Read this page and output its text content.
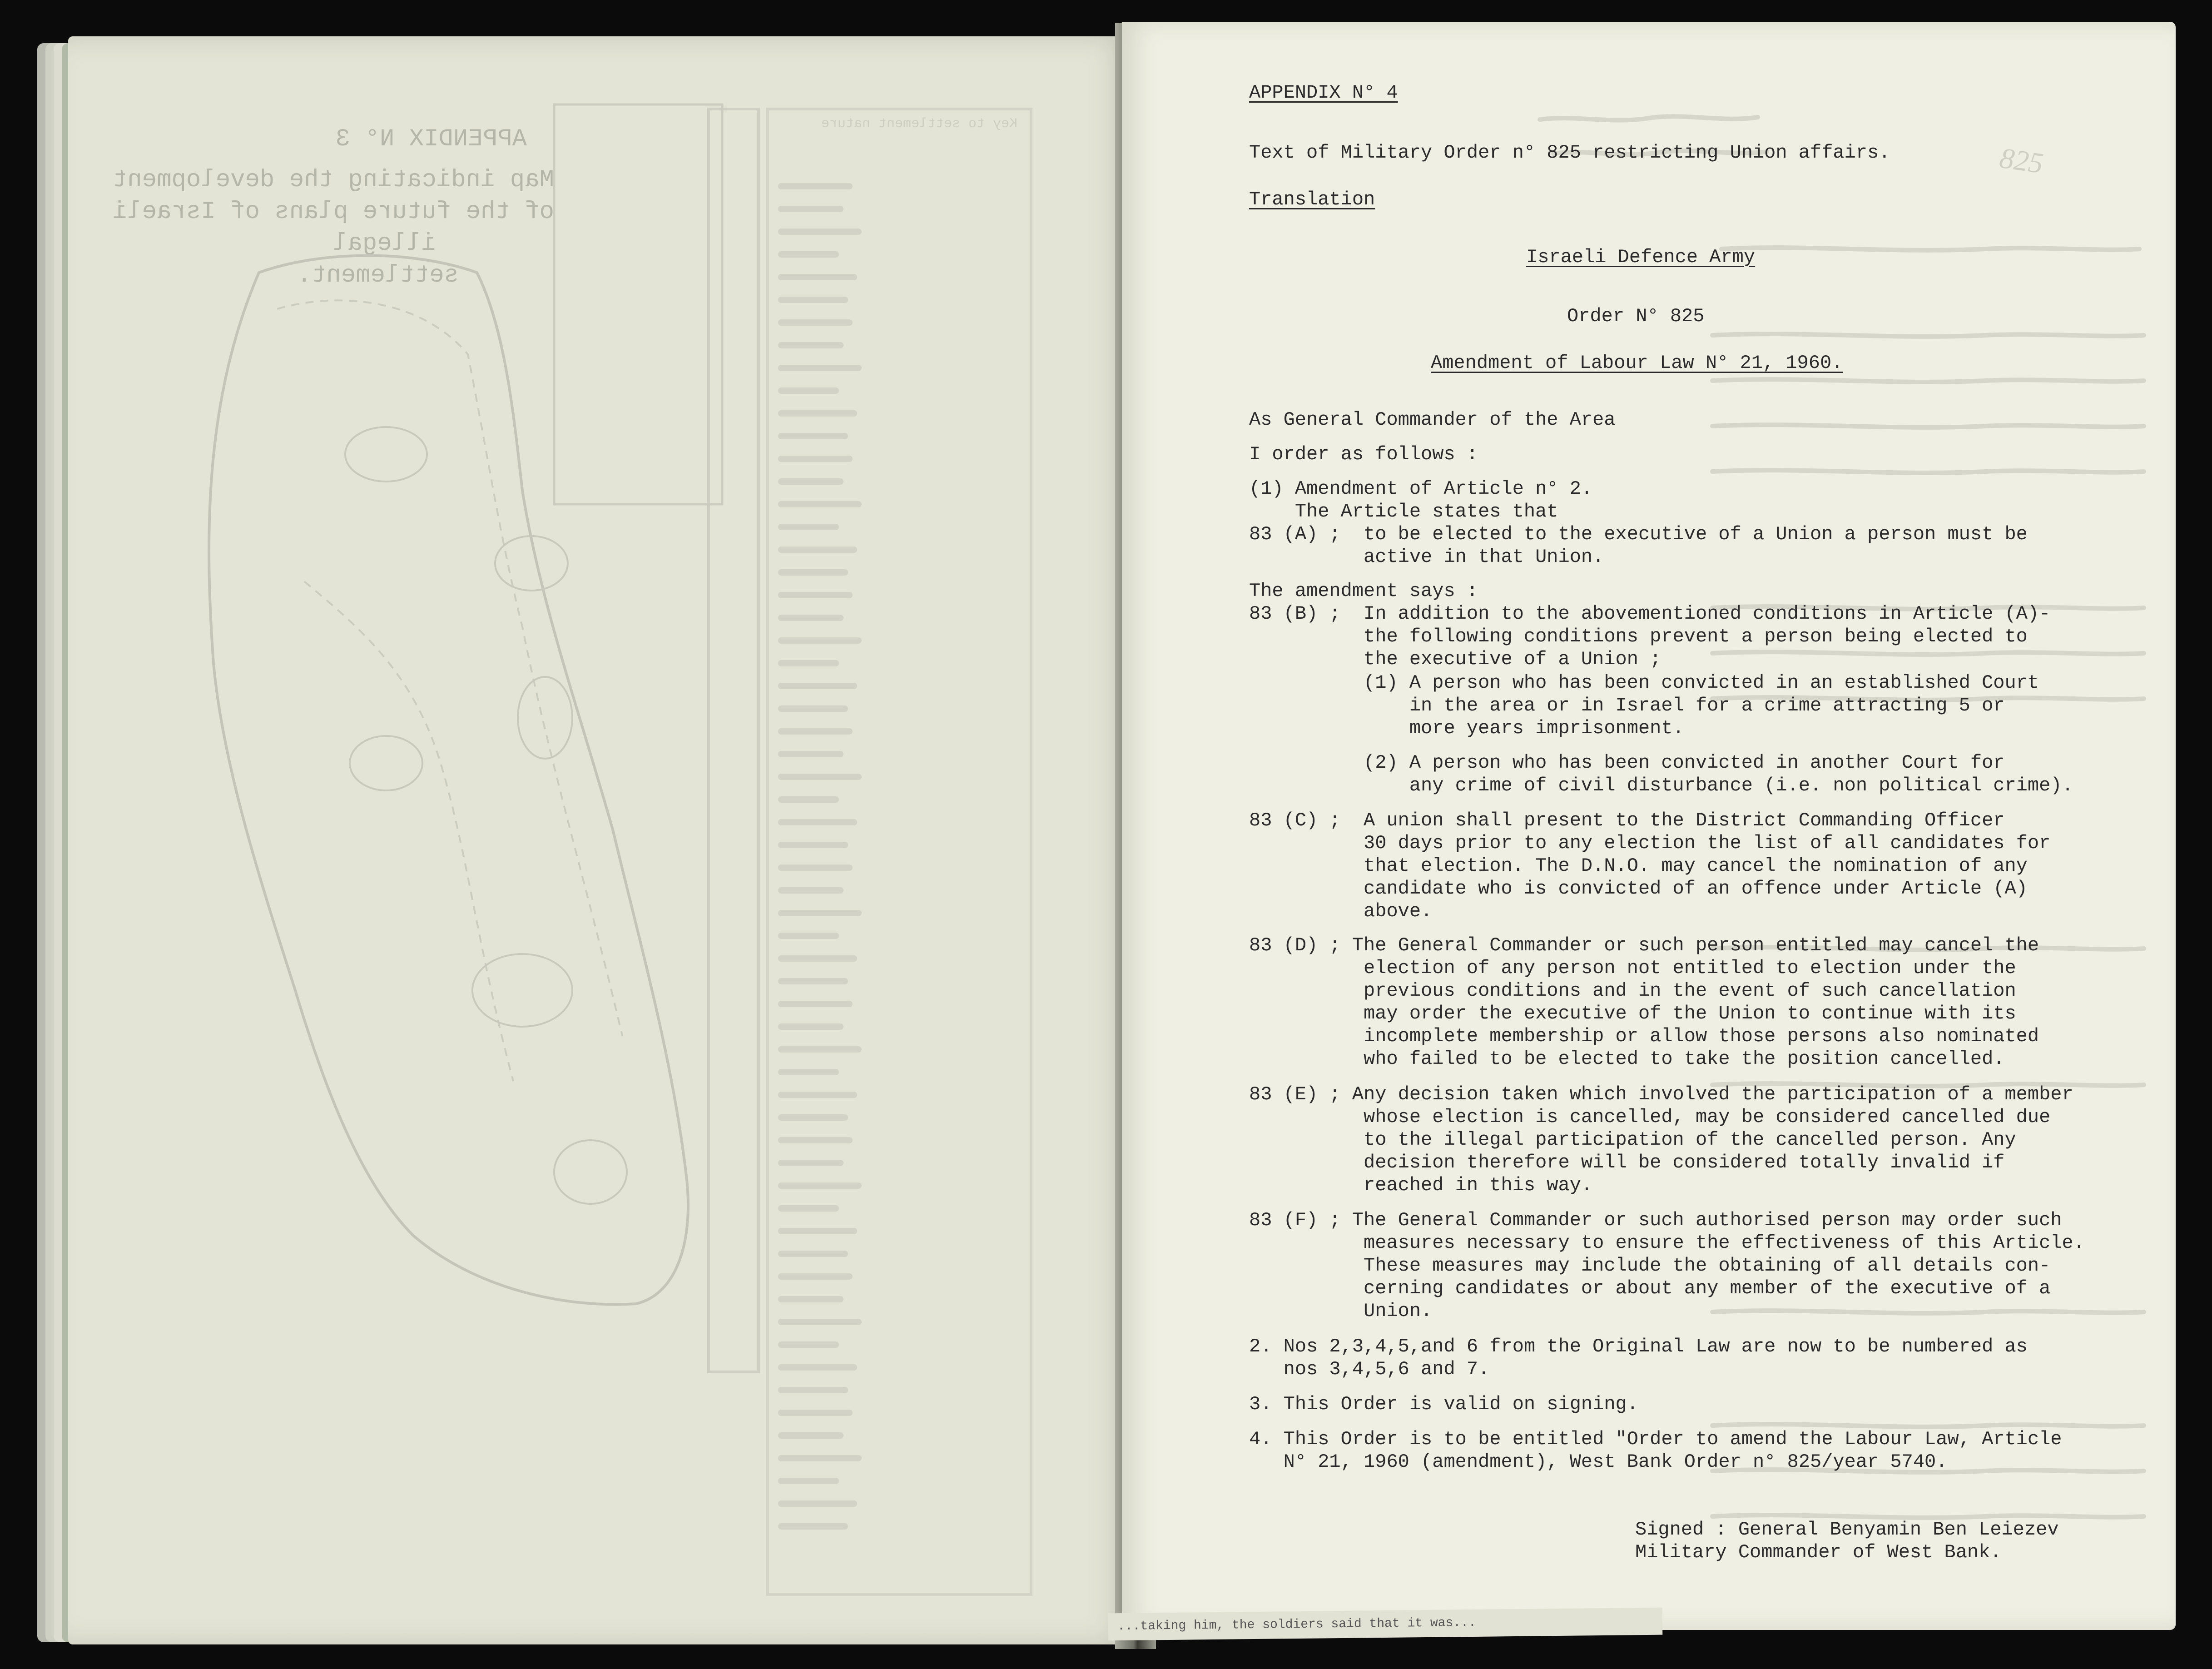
APPENDIX N° 3
Map indicating the development
of the future plans of Israeli
illegal
settlement.
Key to settlement nature
825
APPENDIX N° 4
Text of Military Order n° 825 restricting Union affairs.
Translation
Israeli Defence Army
Order N° 825
Amendment of Labour Law N° 21, 1960.
As General Commander of the Area
I order as follows :
(1) Amendment of Article n° 2.
The Article states that
83 (A) ;  to be elected to the executive of a Union a person must be
active in that Union.
The amendment says :
83 (B) ;  In addition to the abovementioned conditions in Article (A)-
the following conditions prevent a person being elected to
the executive of a Union ;
(1) A person who has been convicted in an established Court
in the area or in Israel for a crime attracting 5 or
more years imprisonment.
(2) A person who has been convicted in another Court for
any crime of civil disturbance (i.e. non political crime).
83 (C) ;  A union shall present to the District Commanding Officer
30 days prior to any election the list of all candidates for
that election. The D.N.O. may cancel the nomination of any
candidate who is convicted of an offence under Article (A)
above.
83 (D) ; The General Commander or such person entitled may cancel the
election of any person not entitled to election under the
previous conditions and in the event of such cancellation
may order the executive of the Union to continue with its
incomplete membership or allow those persons also nominated
who failed to be elected to take the position cancelled.
83 (E) ; Any decision taken which involved the participation of a member
whose election is cancelled, may be considered cancelled due
to the illegal participation of the cancelled person. Any
decision therefore will be considered totally invalid if
reached in this way.
83 (F) ; The General Commander or such authorised person may order such
measures necessary to ensure the effectiveness of this Article.
These measures may include the obtaining of all details con-
cerning candidates or about any member of the executive of a
Union.
2. Nos 2,3,4,5,and 6 from the Original Law are now to be numbered as
nos 3,4,5,6 and 7.
3. This Order is valid on signing.
4. This Order is to be entitled "Order to amend the Labour Law, Article
N° 21, 1960 (amendment), West Bank Order n° 825/year 5740.
Signed : General Benyamin Ben Leiezev
Military Commander of West Bank.
...taking him, the soldiers said that it was...
